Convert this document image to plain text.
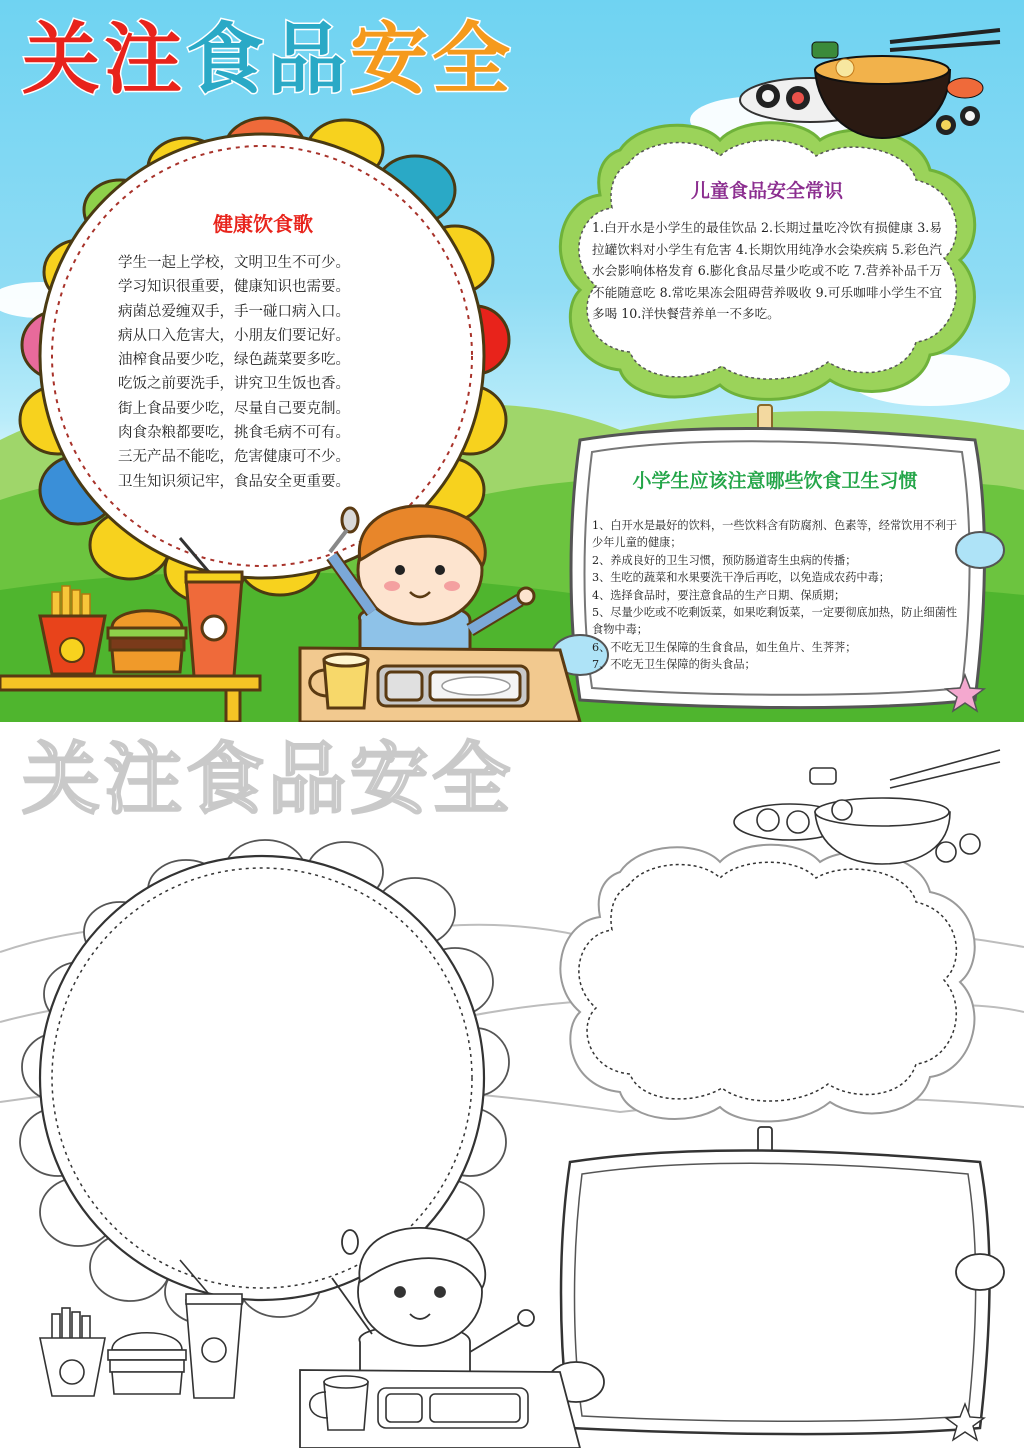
关 注 食 品 安 全
健康饮食歌
学生一起上学校，文明卫生不可少。
学习知识很重要，健康知识也需要。
病菌总爱缠双手，手一碰口病入口。
病从口入危害大，小朋友们要记好。
油榨食品要少吃，绿色蔬菜要多吃。
吃饭之前要洗手，讲究卫生饭也香。
街上食品要少吃，尽量自己要克制。
肉食杂粮都要吃，挑食毛病不可有。
三无产品不能吃，危害健康可不少。
卫生知识须记牢，食品安全更重要。
儿童食品安全常识
1.白开水是小学生的最佳饮品 2.长期过量吃冷饮有损健康 3.易拉罐饮料对小学生有危害 4.长期饮用纯净水会染疾病 5.彩色汽水会影响体格发育 6.膨化食品尽量少吃或不吃 7.营养补品千万不能随意吃 8.常吃果冻会阻碍营养吸收 9.可乐咖啡小学生不宜多喝 10.洋快餐营养单一不多吃。
小学生应该注意哪些饮食卫生习惯
1、白开水是最好的饮料，一些饮料含有防腐剂、色素等，经常饮用不利于少年儿童的健康；
2、养成良好的卫生习惯，预防肠道寄生虫病的传播；
3、生吃的蔬菜和水果要洗干净后再吃，以免造成农药中毒；
4、选择食品时，要注意食品的生产日期、保质期；
5、尽量少吃或不吃剩饭菜，如果吃剩饭菜，一定要彻底加热，防止细菌性食物中毒；
6、不吃无卫生保障的生食食品，如生鱼片、生荠荠；
7、不吃无卫生保障的街头食品；
关 注 食 品 安 全
